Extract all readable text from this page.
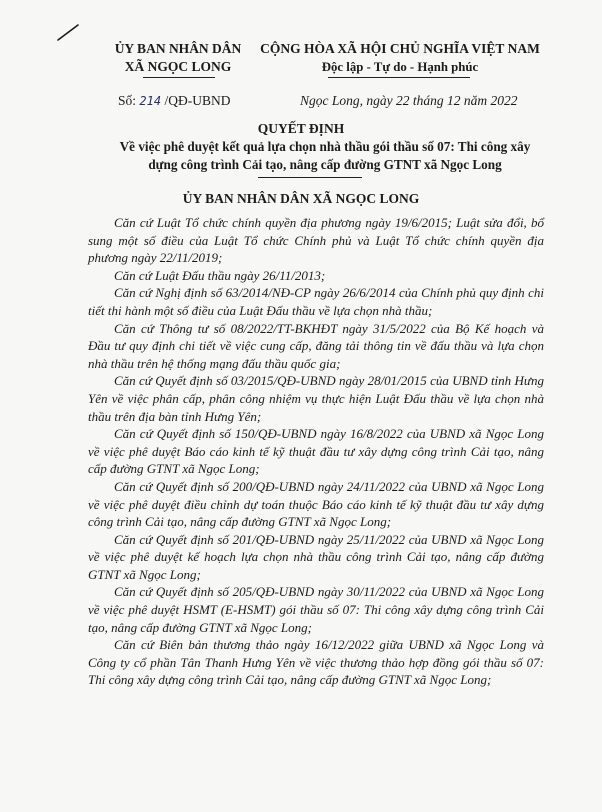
ỦY BAN NHÂN DÂN
XÃ NGỌC LONG
CỘNG HÒA XÃ HỘI CHỦ NGHĨA VIỆT NAM
Độc lập - Tự do - Hạnh phúc
Số: 214 /QĐ-UBND	Ngọc Long, ngày 22 tháng 12 năm 2022
QUYẾT ĐỊNH
Về việc phê duyệt kết quả lựa chọn nhà thầu gói thầu số 07: Thi công xây
dựng công trình Cải tạo, nâng cấp đường GTNT xã Ngọc Long
ỦY BAN NHÂN DÂN XÃ NGỌC LONG

Căn cứ Luật Tổ chức chính quyền địa phương ngày 19/6/2015; Luật sửa đổi, bổ sung một số điều của Luật Tổ chức Chính phủ và Luật Tổ chức chính quyền địa phương ngày 22/11/2019;

Căn cứ Luật Đấu thầu ngày 26/11/2013;

Căn cứ Nghị định số 63/2014/NĐ-CP ngày 26/6/2014 của Chính phủ quy định chi tiết thi hành một số điều của Luật Đấu thầu về lựa chọn nhà thầu;

Căn cứ Thông tư số 08/2022/TT-BKHĐT ngày 31/5/2022 của Bộ Kế hoạch và Đầu tư quy định chi tiết về việc cung cấp, đăng tải thông tin về đấu thầu và lựa chọn nhà thầu trên hệ thống mạng đấu thầu quốc gia;

Căn cứ Quyết định số 03/2015/QĐ-UBND ngày 28/01/2015 của UBND tỉnh Hưng Yên về việc phân cấp, phân công nhiệm vụ thực hiện Luật Đấu thầu về lựa chọn nhà thầu trên địa bàn tỉnh Hưng Yên;

Căn cứ Quyết định số 150/QĐ-UBND ngày 16/8/2022 của UBND xã Ngọc Long về việc phê duyệt Báo cáo kinh tế kỹ thuật đầu tư xây dựng công trình Cải tạo, nâng cấp đường GTNT xã Ngọc Long;

Căn cứ Quyết định số 200/QĐ-UBND ngày 24/11/2022 của UBND xã Ngọc Long về việc phê duyệt điều chỉnh dự toán thuộc Báo cáo kinh tế kỹ thuật đầu tư xây dựng công trình Cải tạo, nâng cấp đường GTNT xã Ngọc Long;

Căn cứ Quyết định số 201/QĐ-UBND ngày 25/11/2022 của UBND xã Ngọc Long về việc phê duyệt kế hoạch lựa chọn nhà thầu công trình Cải tạo, nâng cấp đường GTNT xã Ngọc Long;

Căn cứ Quyết định số 205/QĐ-UBND ngày 30/11/2022 của UBND xã Ngọc Long về việc phê duyệt HSMT (E-HSMT) gói thầu số 07: Thi công xây dựng công trình Cải tạo, nâng cấp đường GTNT xã Ngọc Long;

Căn cứ Biên bản thương thảo ngày 16/12/2022 giữa UBND xã Ngọc Long và Công ty cổ phần Tân Thanh Hưng Yên về việc thương thảo hợp đồng gói thầu số 07: Thi công xây dựng công trình Cải tạo, nâng cấp đường GTNT xã Ngọc Long;
